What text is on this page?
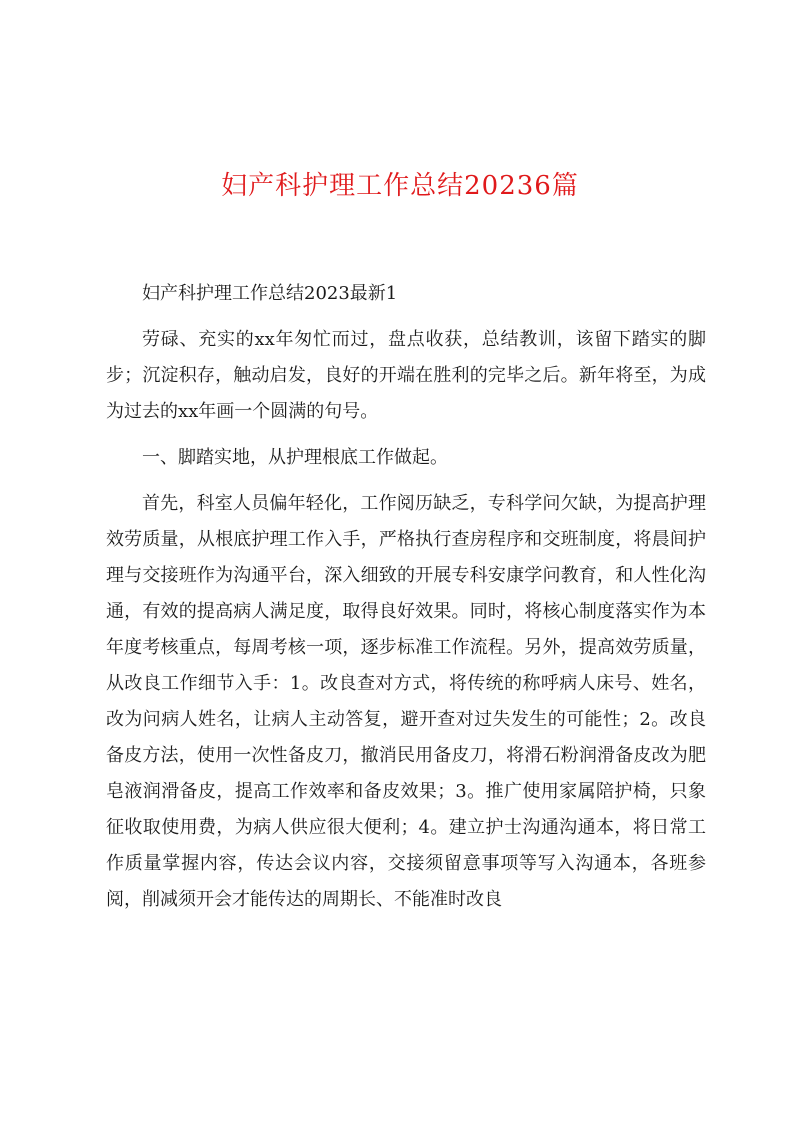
妇产科护理工作总结20236篇

妇产科护理工作总结2023最新1

劳碌、充实的xx年匆忙而过，盘点收获，总结教训，该留下踏实的脚步；沉淀积存，触动启发，良好的开端在胜利的完毕之后。新年将至，为成为过去的xx年画一个圆满的句号。

一、脚踏实地，从护理根底工作做起。

首先，科室人员偏年轻化，工作阅历缺乏，专科学问欠缺，为提高护理效劳质量，从根底护理工作入手，严格执行查房程序和交班制度，将晨间护理与交接班作为沟通平台，深入细致的开展专科安康学问教育，和人性化沟通，有效的提高病人满足度，取得良好效果。同时，将核心制度落实作为本年度考核重点，每周考核一项，逐步标准工作流程。另外，提高效劳质量，从改良工作细节入手：1。改良查对方式，将传统的称呼病人床号、姓名，改为问病人姓名，让病人主动答复，避开查对过失发生的可能性；2。改良备皮方法，使用一次性备皮刀，撤消民用备皮刀，将滑石粉润滑备皮改为肥皂液润滑备皮，提高工作效率和备皮效果；3。推广使用家属陪护椅，只象征收取使用费，为病人供应很大便利；4。建立护士沟通沟通本，将日常工作质量掌握内容，传达会议内容，交接须留意事项等写入沟通本，各班参阅，削减须开会才能传达的周期长、不能准时改良
